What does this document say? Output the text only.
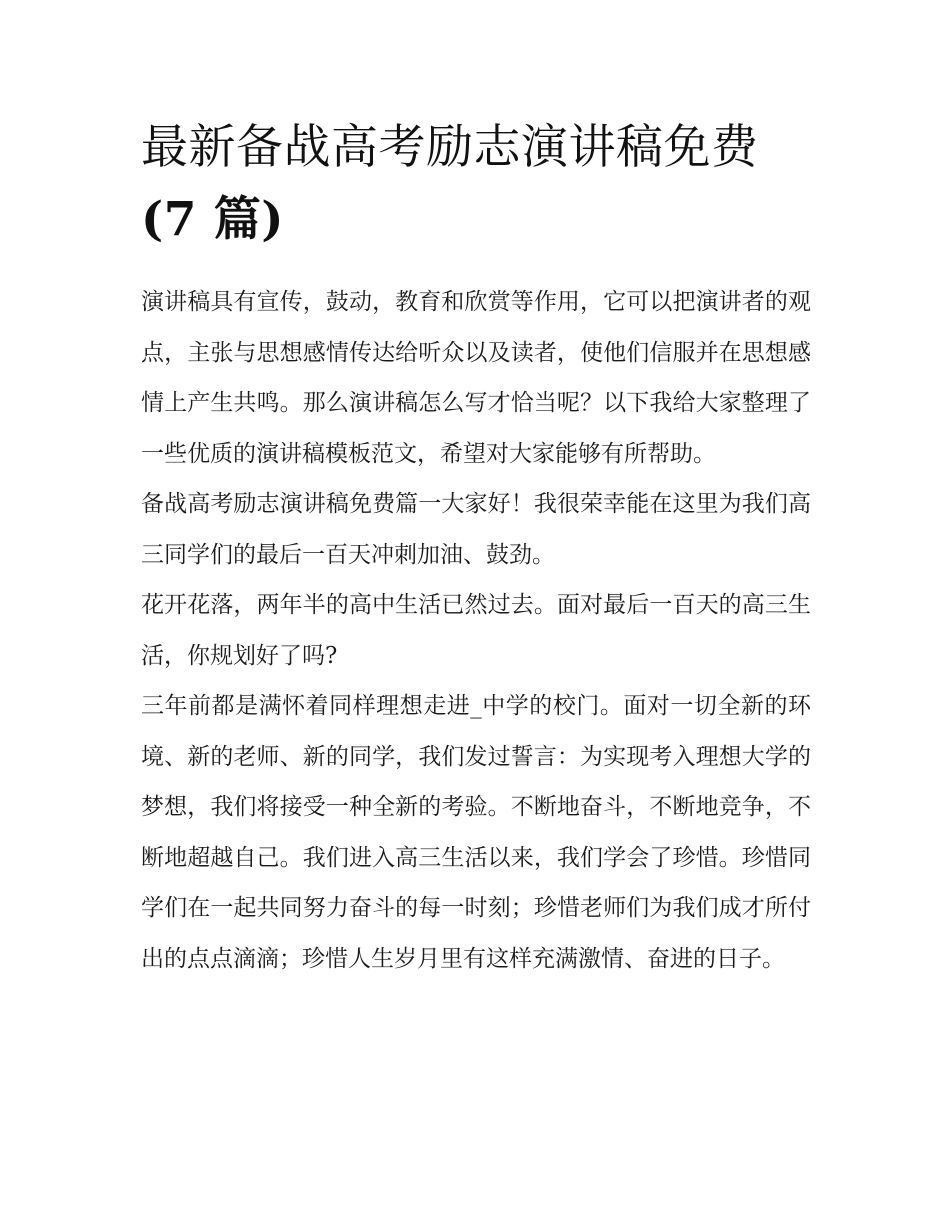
最新备战高考励志演讲稿免费
(7 篇)

演讲稿具有宣传，鼓动，教育和欣赏等作用，它可以把演讲者的观点，主张与思想感情传达给听众以及读者，使他们信服并在思想感情上产生共鸣。那么演讲稿怎么写才恰当呢？以下我给大家整理了一些优质的演讲稿模板范文，希望对大家能够有所帮助。

备战高考励志演讲稿免费篇一大家好！我很荣幸能在这里为我们高三同学们的最后一百天冲刺加油、鼓劲。

花开花落，两年半的高中生活已然过去。面对最后一百天的高三生活，你规划好了吗?

三年前都是满怀着同样理想走进_中学的校门。面对一切全新的环境、新的老师、新的同学，我们发过誓言：为实现考入理想大学的梦想，我们将接受一种全新的考验。不断地奋斗，不断地竞争，不断地超越自己。我们进入高三生活以来，我们学会了珍惜。珍惜同学们在一起共同努力奋斗的每一时刻；珍惜老师们为我们成才所付出的点点滴滴；珍惜人生岁月里有这样充满激情、奋进的日子。
